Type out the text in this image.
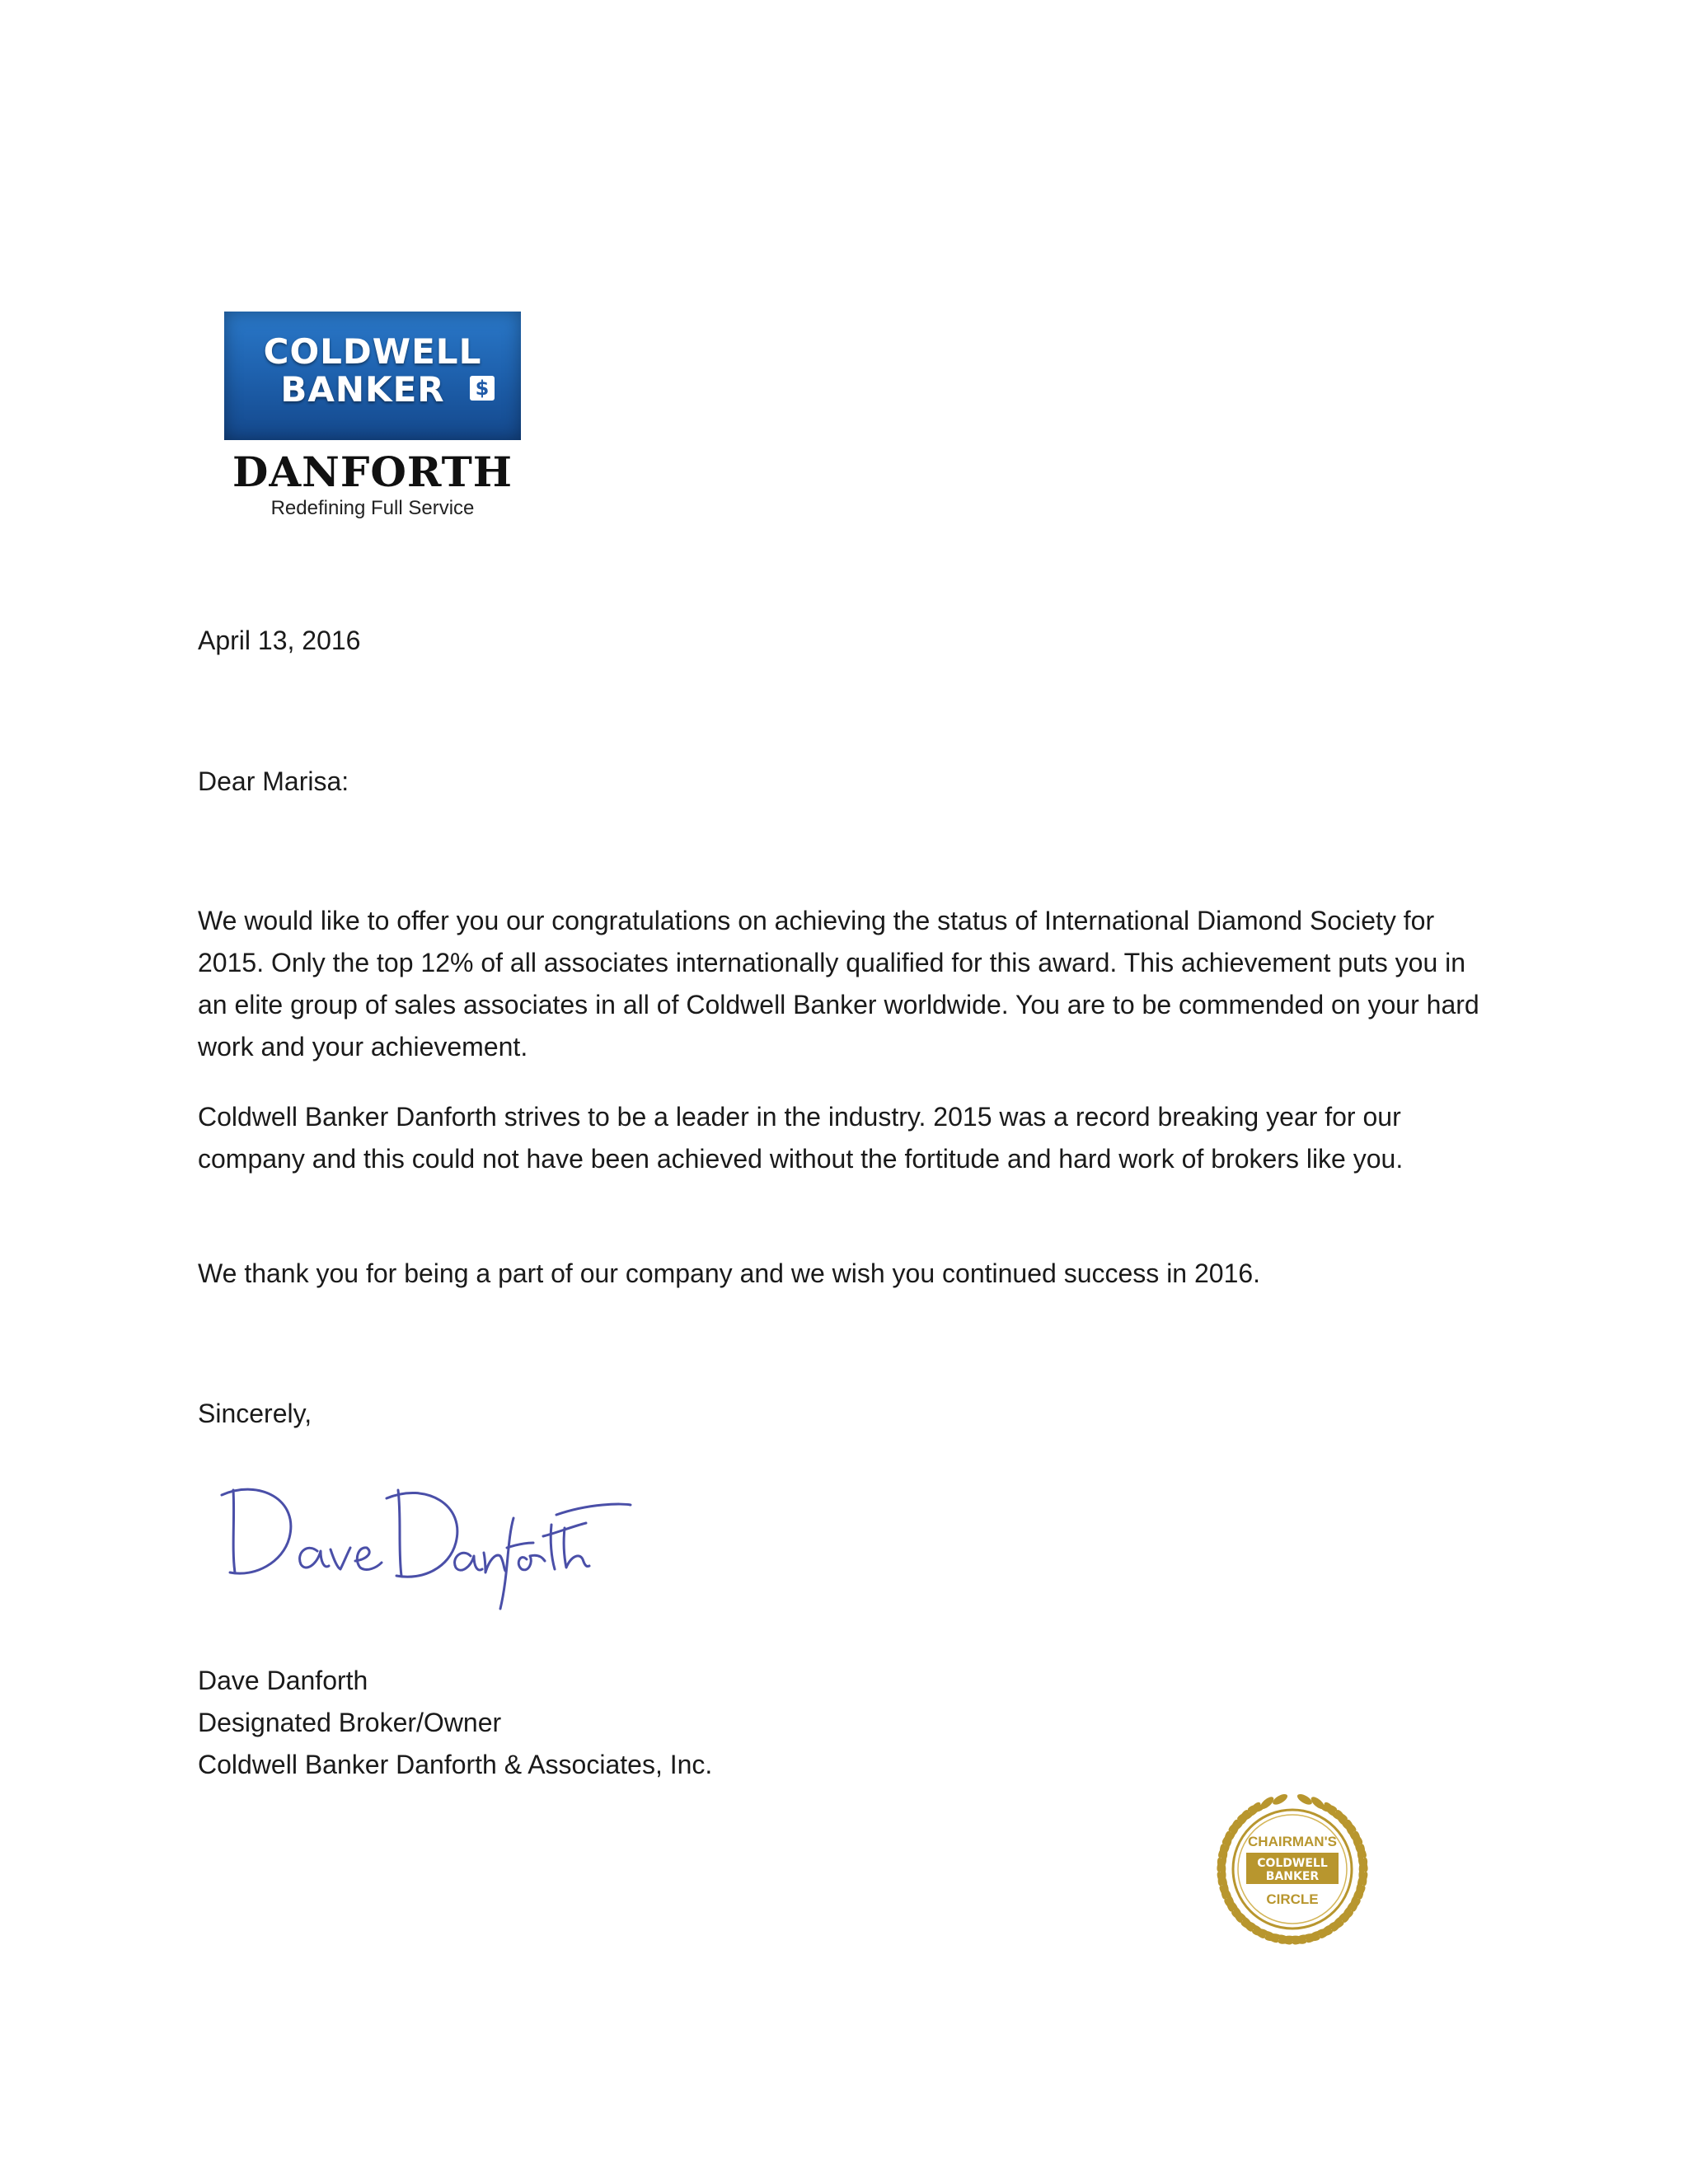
COLDWELL
BANKER	$
DANFORTH
Redefining Full Service
April 13, 2016
Dear Marisa:
We would like to offer you our congratulations on achieving the status of International Diamond Society for 2015. Only the top 12% of all associates internationally qualified for this award. This achievement puts you in an elite group of sales associates in all of Coldwell Banker worldwide. You are to be commended on your hard work and your achievement.
Coldwell Banker Danforth strives to be a leader in the industry. 2015 was a record breaking year for our company and this could not have been achieved without the fortitude and hard work of brokers like you.
We thank you for being a part of our company and we wish you continued success in 2016.
Sincerely,
Dave Danforth
Designated Broker/Owner
Coldwell Banker Danforth & Associates, Inc.
CHAIRMAN'S
COLDWELL
BANKER
CIRCLE
